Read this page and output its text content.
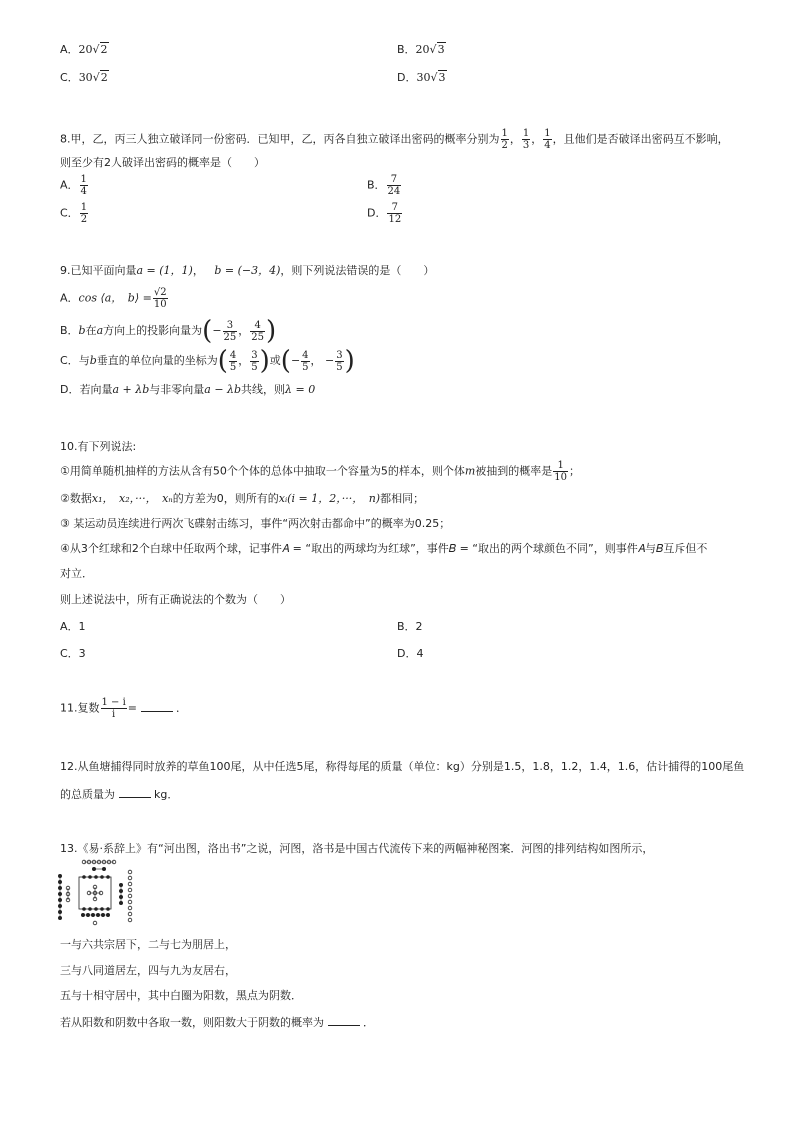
A．20√2	B．20√3
C．30√2	D．30√3
8.甲，乙，丙三人独立破译同一份密码．已知甲，乙，丙各自独立破译出密码的概率分别为 $\frac{1}{2}$ ， $\frac{1}{3}$ ， $\frac{1}{4}$ ，且他们是否破译出密码互不影响，
则至少有2人破译出密码的概率是（　　）
A． $\frac{1}{4}$	B． $\frac{7}{24}$
C． $\frac{1}{2}$	D． $\frac{7}{12}$
9.已知平面向量a = (1，1)， b = (−3，4)，则下列说法错误的是（　　）
A．cos ⟨a，　b⟩ = $\frac{√2}{10}$
B．b在a方向上的投影向量为(− $\frac{3}{25}$ ， $\frac{4}{25}$ )
C．与b垂直的单位向量的坐标为( $\frac{4}{5}$ ， $\frac{3}{5}$ )或(− $\frac{4}{5}$ ， − $\frac{3}{5}$ )
D．若向量a + λb与非零向量a − λb共线，则λ = 0
10.有下列说法:
①用简单随机抽样的方法从含有50个个体的总体中抽取一个容量为5的样本，则个体m被抽到的概率是 $\frac{1}{10}$ ；
②数据x₁，　x₂，···，　xₙ的方差为0，则所有的xᵢ(i = 1，2，···，　n)都相同；
③ 某运动员连续进行两次飞碟射击练习，事件“两次射击都命中”的概率为0.25；
④从3个红球和2个白球中任取两个球，记事件𝐴 = “取出的两球均为红球”，事件𝐵 = “取出的两个球颜色不同”，则事件𝐴与𝐵互斥但不
对立．
则上述说法中，所有正确说法的个数为（　　）
A．1	B．2
C．3	D．4
11.复数 $\frac{1 - i}{i}$ =	．
12.从鱼塘捕得同时放养的草鱼100尾，从中任选5尾，称得每尾的质量（单位：kg）分别是1.5，1.8，1.2，1.4，1.6，估计捕得的100尾鱼
的总质量为	kg．
13.《易·系辞上》有“河出图，洛出书”之说，河图，洛书是中国古代流传下来的两幅神秘图案．河图的排列结构如图所示，
一与六共宗居下，二与七为朋居上，
三与八同道居左，四与九为友居右，
五与十相守居中，其中白圈为阳数，黑点为阴数．
若从阳数和阴数中各取一数，则阳数大于阴数的概率为	．
